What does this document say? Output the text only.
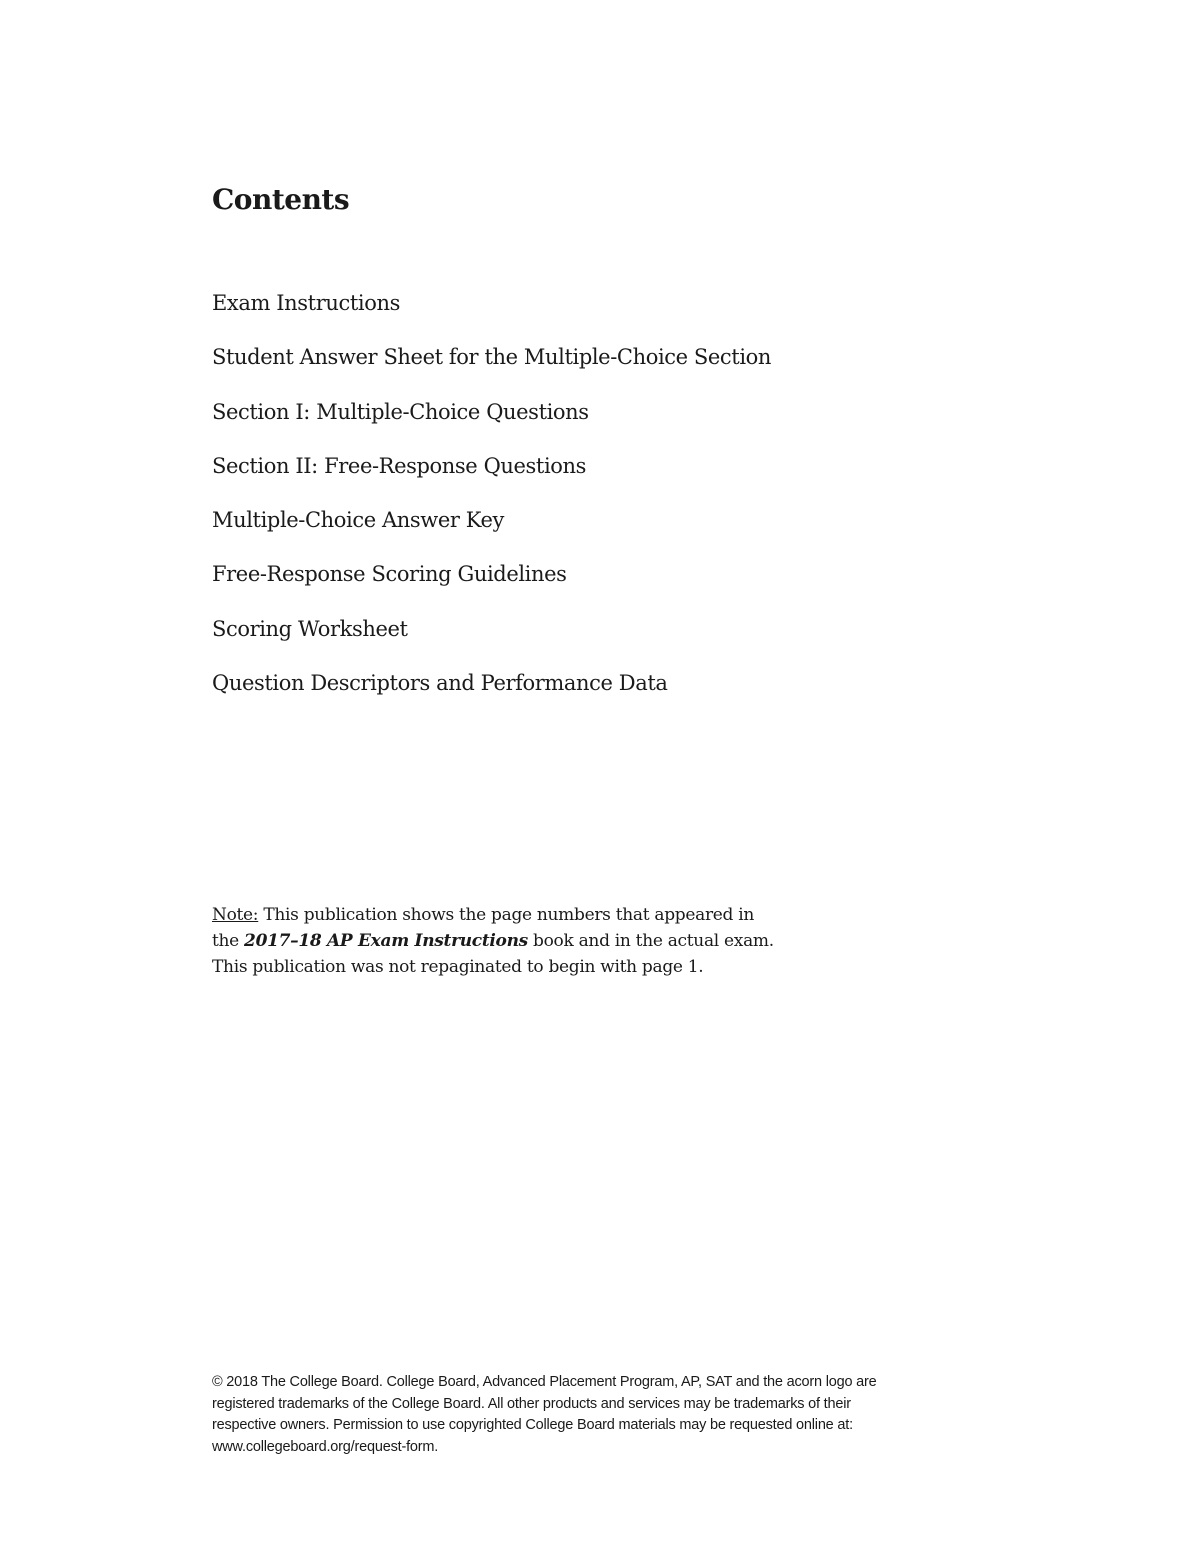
Contents
Exam Instructions
Student Answer Sheet for the Multiple-Choice Section
Section I: Multiple-Choice Questions
Section II: Free-Response Questions
Multiple-Choice Answer Key
Free-Response Scoring Guidelines
Scoring Worksheet
Question Descriptors and Performance Data
Note: This publication shows the page numbers that appeared in
the 2017–18 AP Exam Instructions book and in the actual exam.
This publication was not repaginated to begin with page 1.
© 2018 The College Board. College Board, Advanced Placement Program, AP, SAT and the acorn logo are
registered trademarks of the College Board. All other products and services may be trademarks of their
respective owners. Permission to use copyrighted College Board materials may be requested online at:
www.collegeboard.org/request-form.
